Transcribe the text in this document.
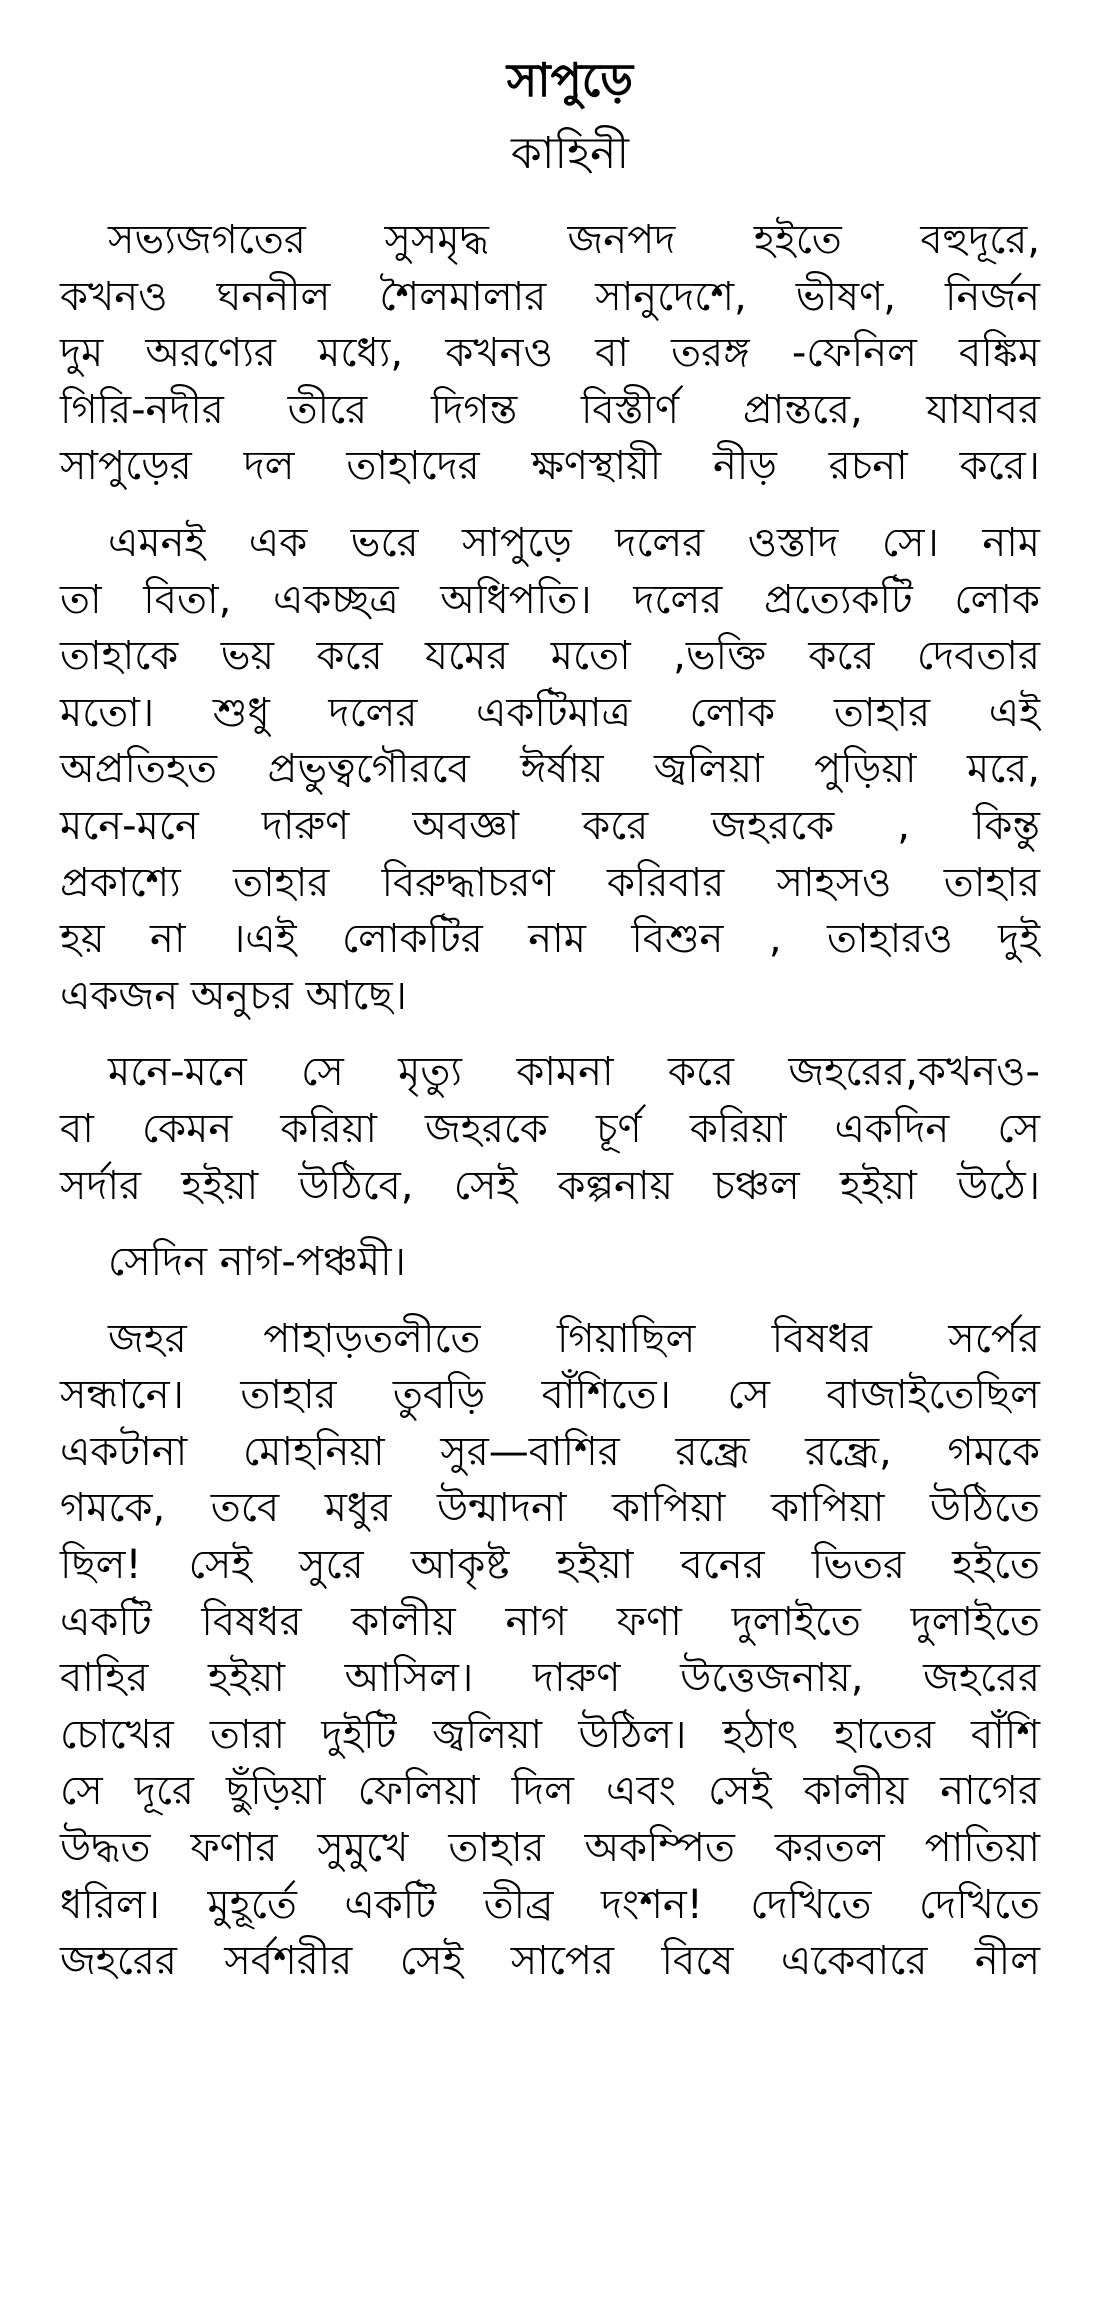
সাপুড়ে
কাহিনী
সভ্যজগতের সুসমৃদ্ধ জনপদ হইতে বহুদূরে,
কখনও ঘননীল শৈলমালার সানুদেশে, ভীষণ, নির্জন
দুম অরণ্যের মধ্যে, কখনও বা তরঙ্গ -ফেনিল বঙ্কিম
গিরি-নদীর তীরে দিগন্ত বিস্তীর্ণ প্রান্তরে, যাযাবর
সাপুড়ের দল তাহাদের ক্ষণস্থায়ী নীড় রচনা করে।
এমনই এক ভরে সাপুড়ে দলের ওস্তাদ সে। নাম
তা বিতা, একচ্ছত্র অধিপতি। দলের প্রত্যেকটি লোক
তাহাকে ভয় করে যমের মতো ,ভক্তি করে দেবতার
মতো। শুধু দলের একটিমাত্র লোক তাহার এই
অপ্রতিহত প্রভুত্বগৌরবে ঈর্ষায় জ্বলিয়া পুড়িয়া মরে,
মনে-মনে দারুণ অবজ্ঞা করে জহরকে , কিন্তু
প্রকাশ্যে তাহার বিরুদ্ধাচরণ করিবার সাহসও তাহার
হয় না ।এই লোকটির নাম বিশুন , তাহারও দুই
একজন অনুচর আছে।
মনে-মনে সে মৃত্যু কামনা করে জহরের,কখনও-
বা কেমন করিয়া জহরকে চূর্ণ করিয়া একদিন সে
সর্দার হইয়া উঠিবে, সেই কল্পনায় চঞ্চল হইয়া উঠে।
সেদিন নাগ-পঞ্চমী।
জহর পাহাড়তলীতে গিয়াছিল বিষধর সর্পের
সন্ধানে। তাহার তুবড়ি বাঁশিতে। সে বাজাইতেছিল
একটানা মোহনিয়া সুর—বাশির রন্ধ্রে রন্ধ্রে, গমকে
গমকে, তবে মধুর উন্মাদনা কাপিয়া কাপিয়া উঠিতে
ছিল! সেই সুরে আকৃষ্ট হইয়া বনের ভিতর হইতে
একটি বিষধর কালীয় নাগ ফণা দুলাইতে দুলাইতে
বাহির হইয়া আসিল। দারুণ উত্তেজনায়, জহরের
চোখের তারা দুইটি জ্বলিয়া উঠিল। হঠাৎ হাতের বাঁশি
সে দূরে ছুঁড়িয়া ফেলিয়া দিল এবং সেই কালীয় নাগের
উদ্ধত ফণার সুমুখে তাহার অকম্পিত করতল পাতিয়া
ধরিল। মুহূর্তে একটি তীব্র দংশন! দেখিতে দেখিতে
জহরের সর্বশরীর সেই সাপের বিষে একেবারে নীল
